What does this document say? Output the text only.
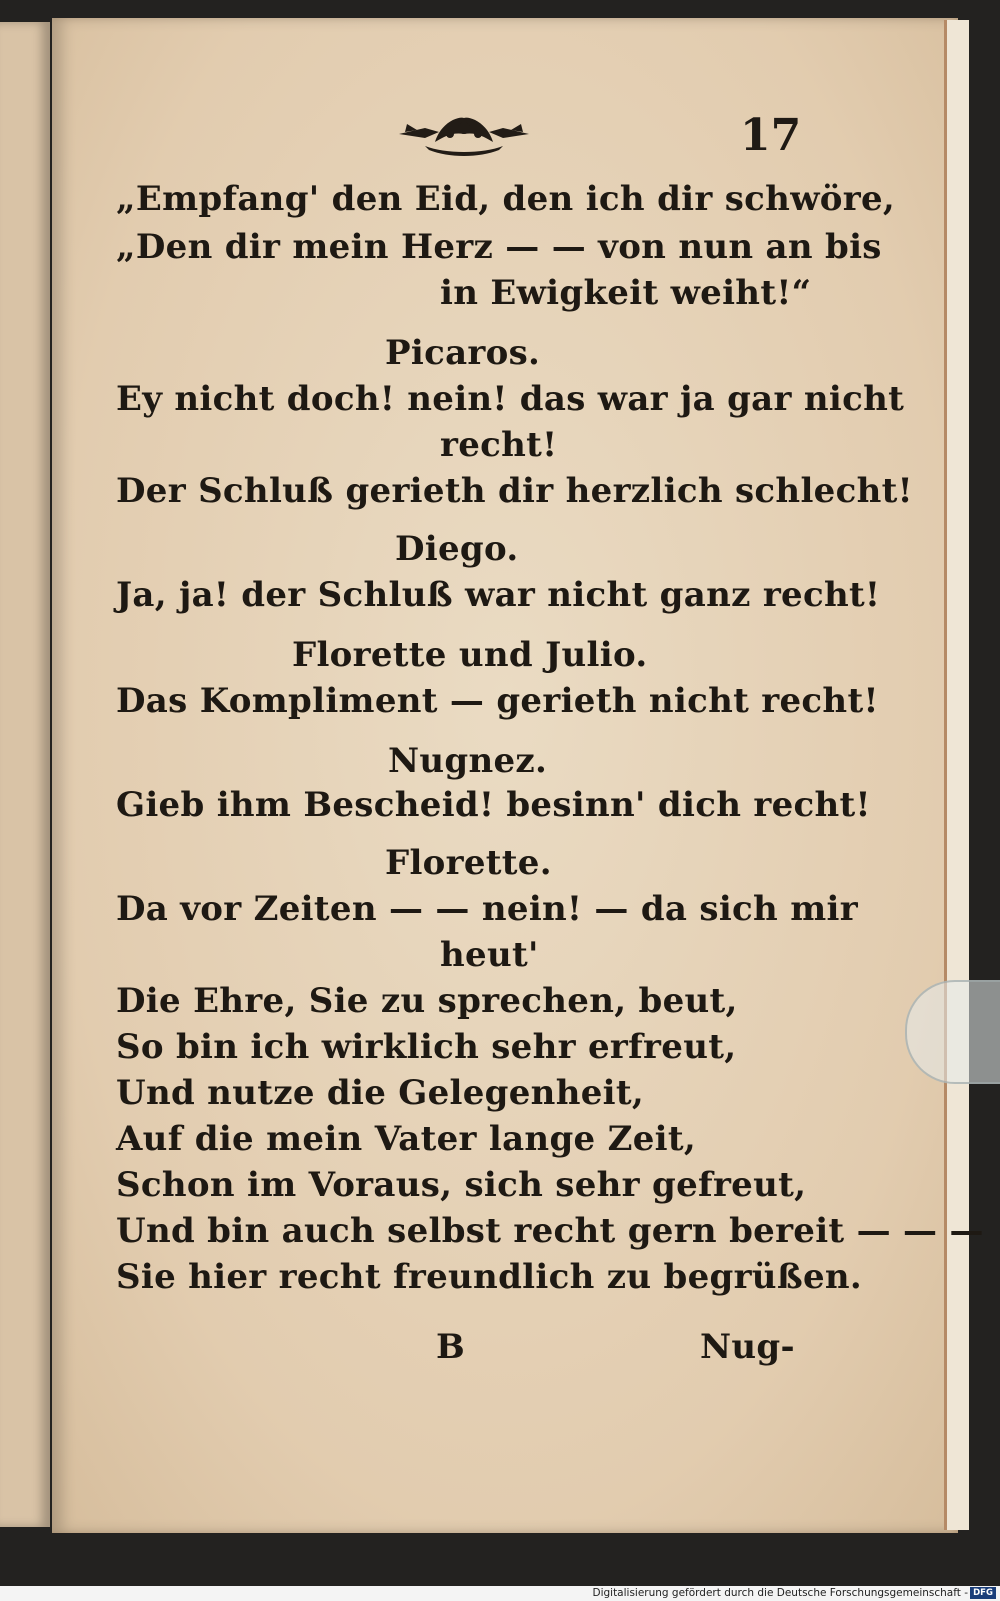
17
„Empfang' den Eid, den ich dir schwöre,
„Den dir mein Herz — — von nun an bis
in Ewigkeit weiht!“
Picaros.
Ey nicht doch! nein! das war ja gar nicht
recht!
Der Schluß gerieth dir herzlich schlecht!
Diego.
Ja, ja! der Schluß war nicht ganz recht!
Florette und Julio.
Das Kompliment — gerieth nicht recht!
Nugnez.
Gieb ihm Bescheid! besinn' dich recht!
Florette.
Da vor Zeiten — — nein! — da sich mir
heut'
Die Ehre, Sie zu sprechen, beut,
So bin ich wirklich sehr erfreut,
Und nutze die Gelegenheit,
Auf die mein Vater lange Zeit,
Schon im Voraus, sich sehr gefreut,
Und bin auch selbst recht gern bereit — — —
Sie hier recht freundlich zu begrüßen.
B	Nug-
Digitalisierung gefördert durch die Deutsche Forschungsgemeinschaft - DFG
